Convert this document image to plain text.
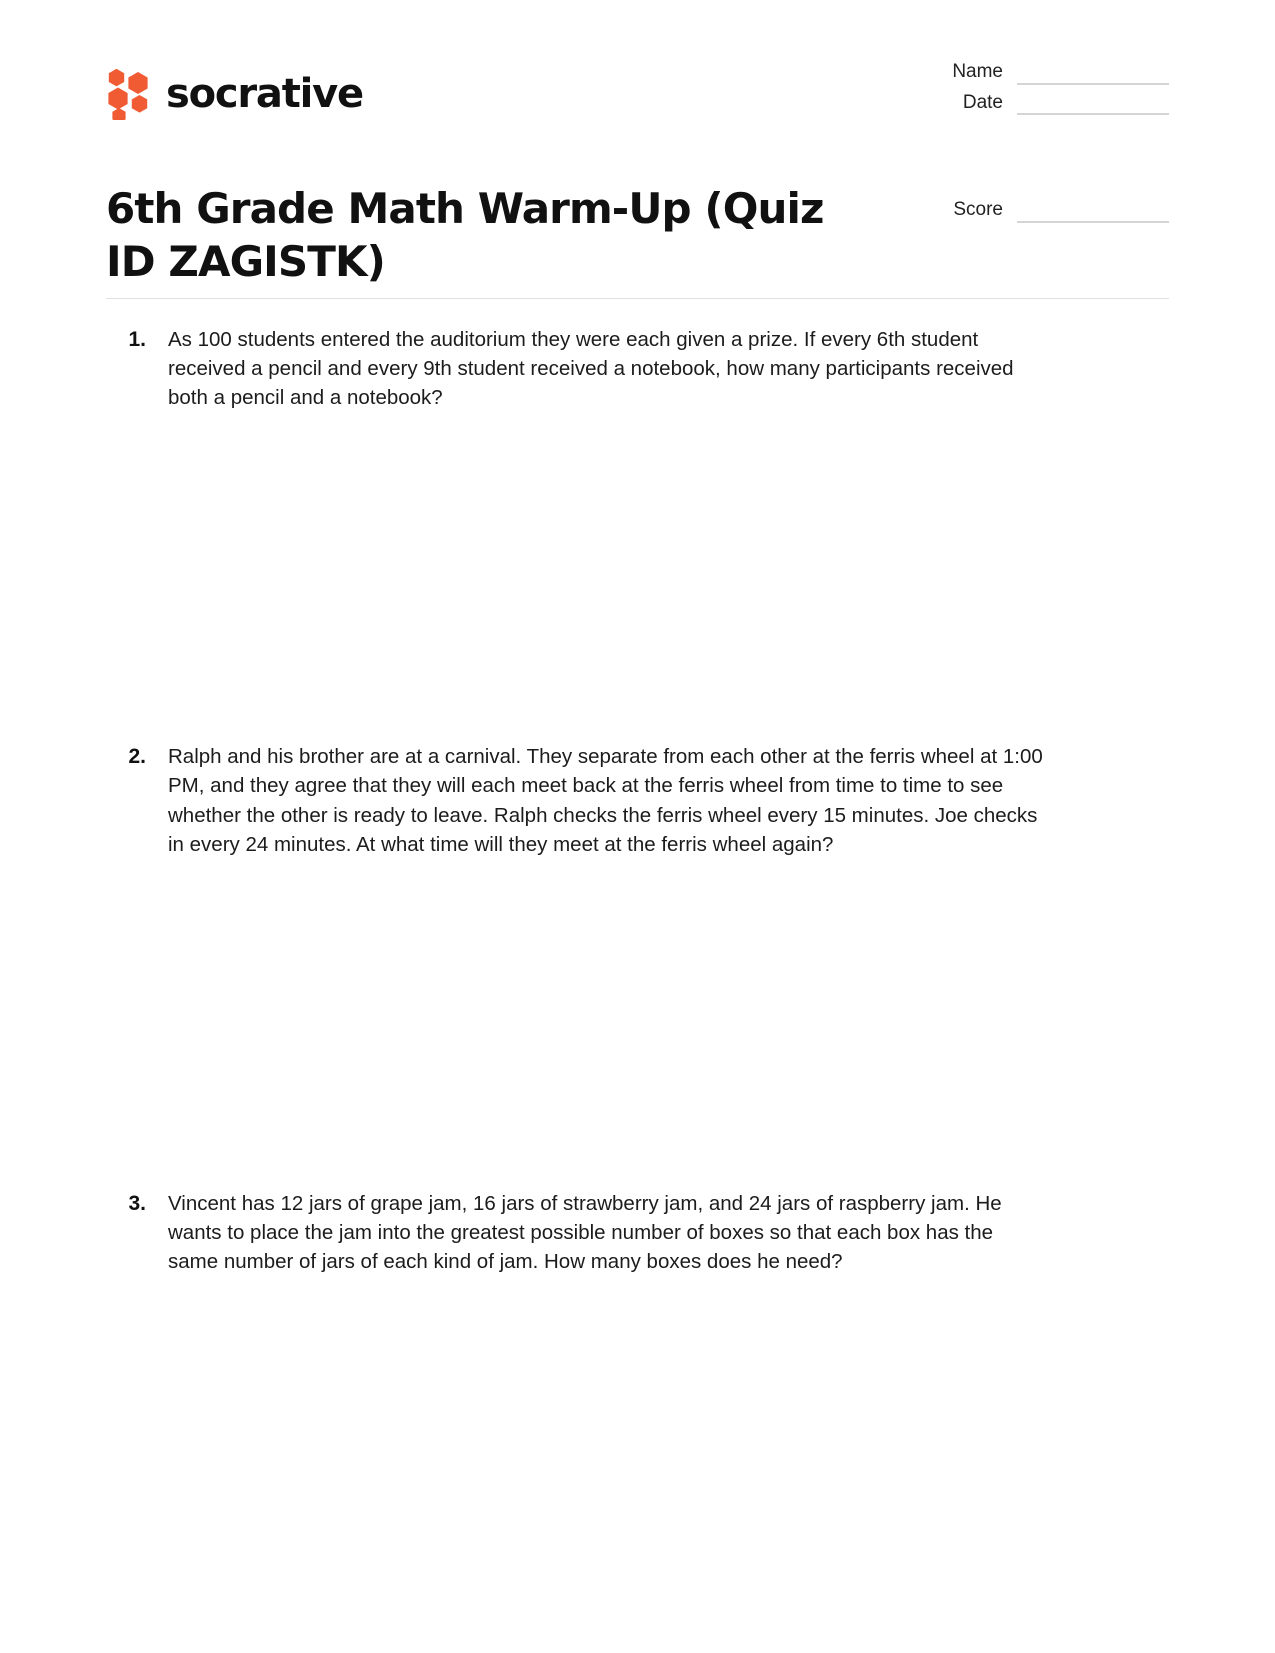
socrative	Name
Date
Score
6th Grade Math Warm-Up (Quiz ID ZAGISTK)
1.	As 100 students entered the auditorium they were each given a prize. If every 6th student received a pencil and every 9th student received a notebook, how many participants received both a pencil and a notebook?
2.	Ralph and his brother are at a carnival. They separate from each other at the ferris wheel at 1:00 PM, and they agree that they will each meet back at the ferris wheel from time to time to see whether the other is ready to leave. Ralph checks the ferris wheel every 15 minutes. Joe checks in every 24 minutes. At what time will they meet at the ferris wheel again?
3.	Vincent has 12 jars of grape jam, 16 jars of strawberry jam, and 24 jars of raspberry jam. He wants to place the jam into the greatest possible number of boxes so that each box has the same number of jars of each kind of jam. How many boxes does he need?
